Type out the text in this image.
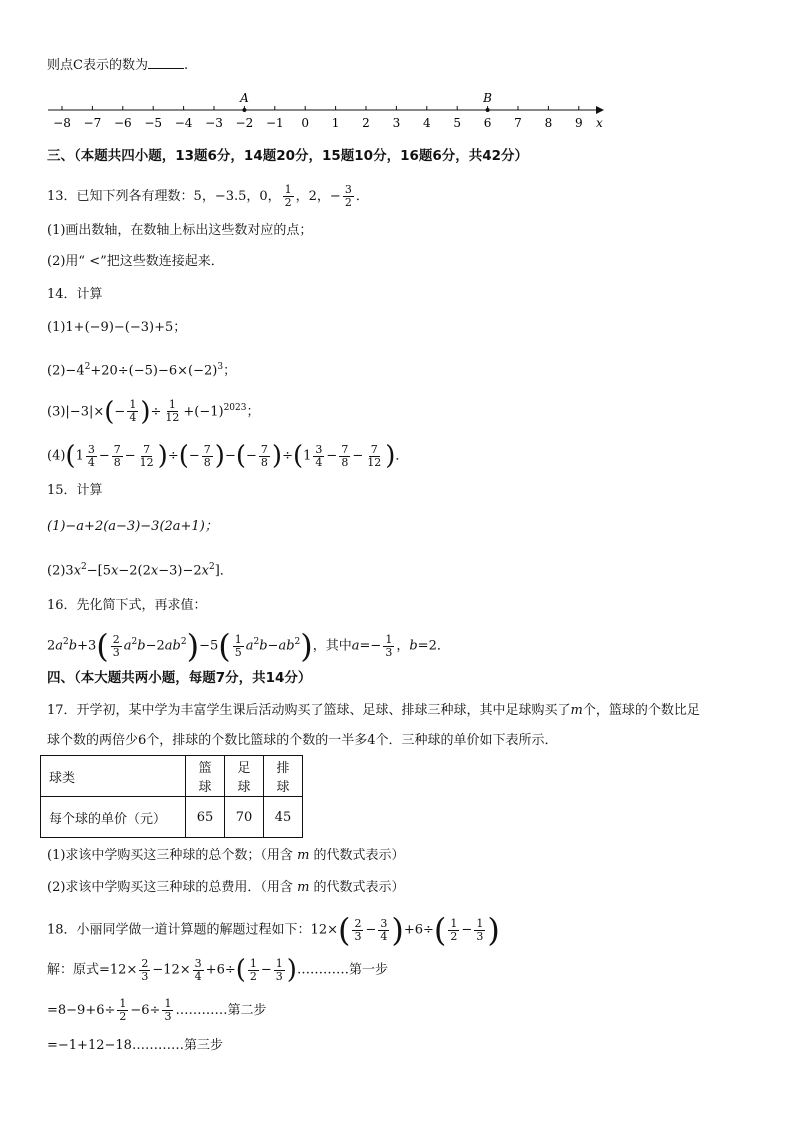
则点C表示的数为	.
−8 −7 −6 −5 −4 −3 −2 −1 0 1 2 3 4 5 6 7 8 9 x
A	B
三、（本题共四小题，13题6分，14题20分，15题10分，16题6分，共42分）
13．已知下列各有理数：5，−3.5，0， $\frac{1}{2}$ ，2，− $\frac{3}{2}$ ．
(1)画出数轴，在数轴上标出这些数对应的点；
(2)用“ <”把这些数连接起来．
14．计算
(1)1+(−9)−(−3)+5；
$(2)-4^2+20\div(-5)-6\times(-2)^3$；
$(3)|-3|\times(- \frac{1}{4}$ )÷ $\frac{1}{12} +(-1)^{2023}$；
$(4)(1 \frac{3}{4} - \frac{7}{8} - \frac{7}{12}$ )÷(− $\frac{7}{8}$ )−(− $\frac{7}{8} )\div(1 \frac{3}{4} - \frac{7}{8} - \frac{7}{12}$ )．
15．计算
(1)−a+2(a−3)−3(2a+1)；
$(2)3x^2-[5x-2(2x-3)-2x^2]$．
16．先化简下式，再求值：
$2a^2b+3( \frac{2}{3} a^2b-2ab^2)-5( \frac{1}{5} a^2b-ab^2)$，其中$a=- \frac{1}{3}$ ，b=2．
四、（本大题共两小题，每题7分，共14分）
17．开学初，某中学为丰富学生课后活动购买了篮球、足球、排球三种球，其中足球购买了m个，篮球的个数比足
球个数的两倍少6个，排球的个数比篮球的个数的一半多4个．三种球的单价如下表所示．
球类	篮球	足球	排球
每个球的单价（元）	65	70	45
(1)求该中学购买这三种球的总个数；（用含 m 的代数式表示）
(2)求该中学购买这三种球的总费用．（用含 m 的代数式表示）
18．小丽同学做一道计算题的解题过程如下：$12\times( \frac{2}{3} - \frac{3}{4} )+6\div( \frac{1}{2} - \frac{1}{3}$ )
解：原式$=12\times \frac{2}{3} -12\times \frac{3}{4} +6\div( \frac{1}{2} - \frac{1}{3}$ )…………第一步
$=8-9+6\div \frac{1}{2} -6\div \frac{1}{3}$ …………第二步
=−1+12−18…………第三步
